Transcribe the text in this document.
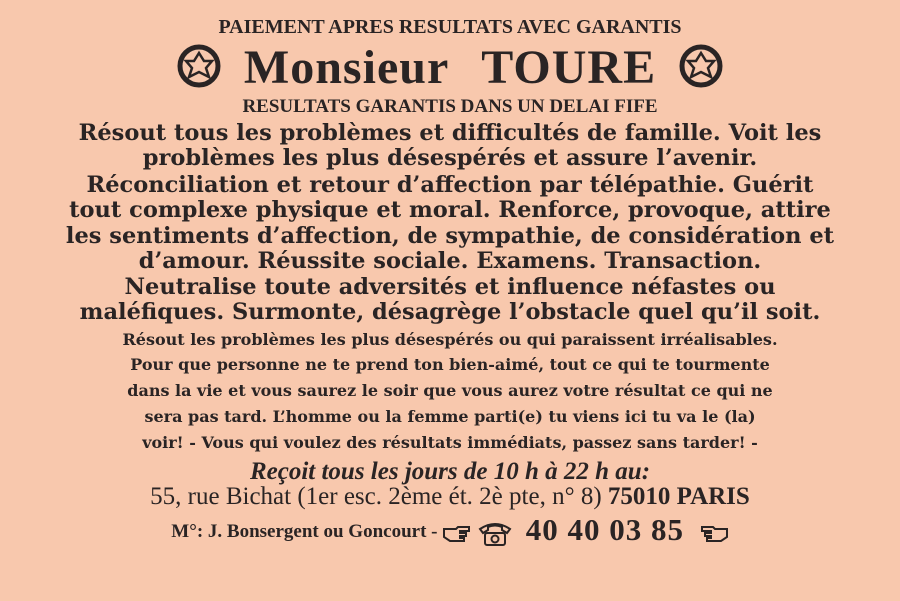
PAIEMENT APRES RESULTATS AVEC GARANTIS
Monsieur TOURE
RESULTATS GARANTIS DANS UN DELAI FIFE
Résout tous les problèmes et difficultés de famille. Voit les
problèmes les plus désespérés et assure l’avenir.
Réconciliation et retour d’affection par télépathie. Guérit
tout complexe physique et moral. Renforce, provoque, attire
les sentiments d’affection, de sympathie, de considération et
d’amour. Réussite sociale. Examens. Transaction.
Neutralise toute adversités et influence néfastes ou
maléfiques. Surmonte, désagrège l’obstacle quel qu’il soit.
Résout les problèmes les plus désespérés ou qui paraissent irréalisables.
Pour que personne ne te prend ton bien-aimé, tout ce qui te tourmente
dans la vie et vous saurez le soir que vous aurez votre résultat ce qui ne
sera pas tard. L’homme ou la femme parti(e) tu viens ici tu va le (la)
voir! - Vous qui voulez des résultats immédiats, passez sans tarder! -
Reçoit tous les jours de 10 h à 22 h au:
55, rue Bichat (1er esc. 2ème ét. 2è pte, n° 8) 75010 PARIS
M°: J. Bonsergent ou Goncourt -	40 40 03 85
